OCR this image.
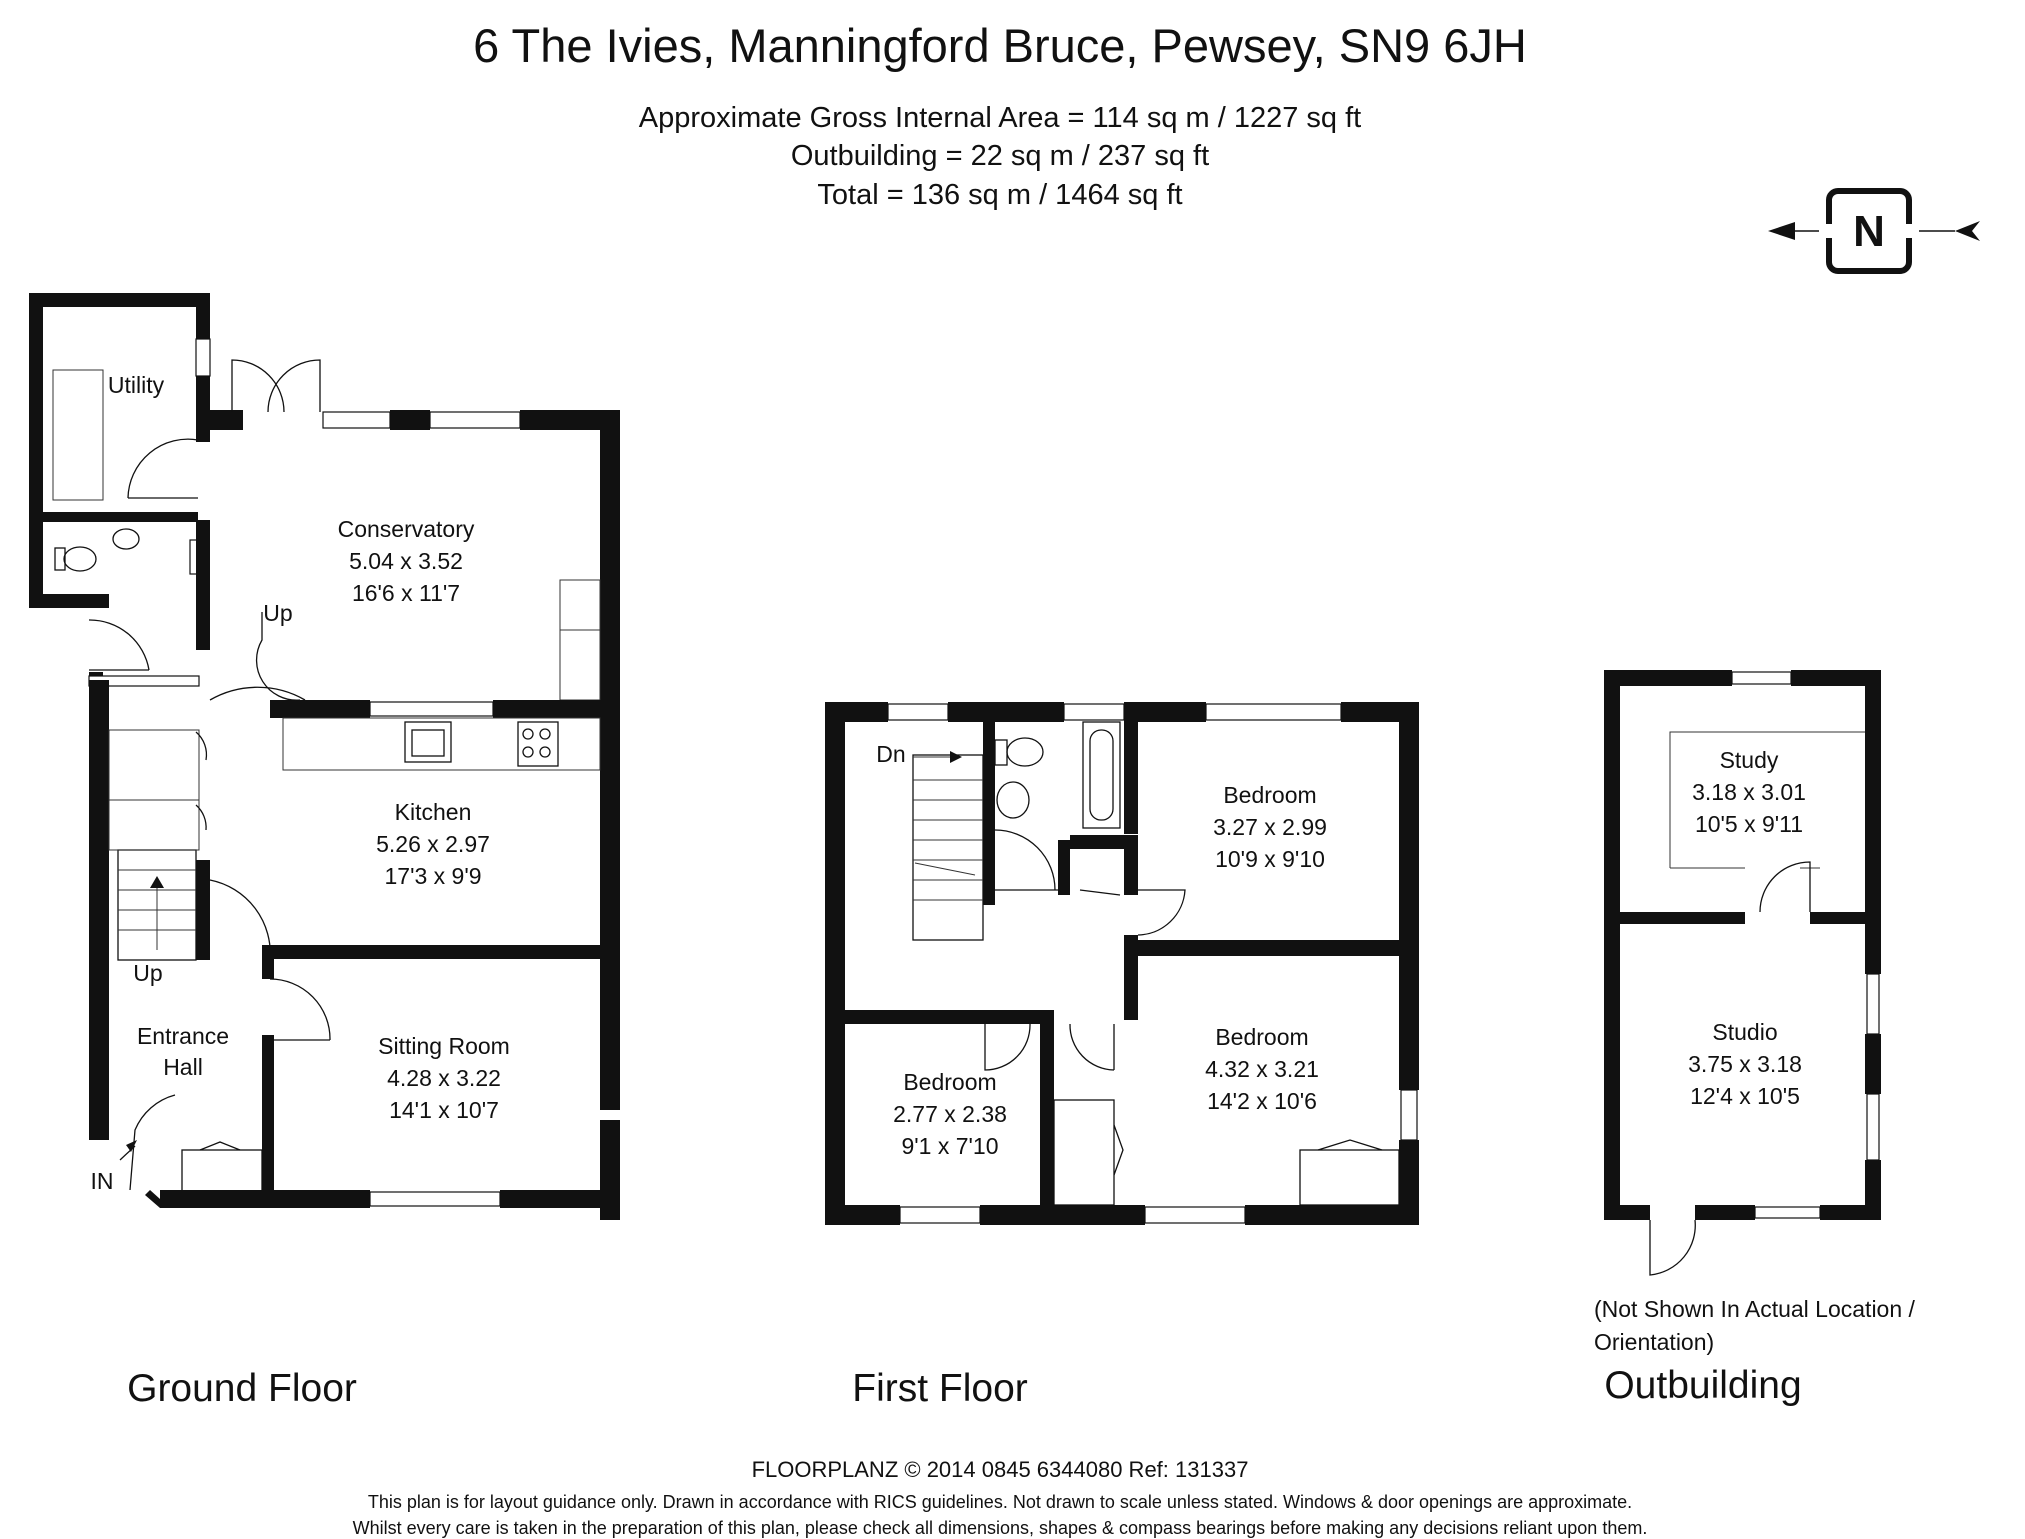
6 The Ivies, Manningford Bruce, Pewsey, SN9 6JH
Approximate Gross Internal Area = 114 sq m / 1227 sq ft
Outbuilding = 22 sq m / 237 sq ft
Total = 136 sq m / 1464 sq ft
N
Utility
Conservatory
5.04 x 3.52
16'6 x 11'7
Up
Kitchen
5.26 x 2.97
17'3 x 9'9
Up
Entrance
Hall
Sitting Room
4.28 x 3.22
14'1 x 10'7
IN
Ground Floor
Dn
Bedroom
3.27 x 2.99
10'9 x 9'10
Bedroom
4.32 x 3.21
14'2 x 10'6
Bedroom
2.77 x 2.38
9'1 x 7'10
First Floor
Study
3.18 x 3.01
10'5 x 9'11
Studio
3.75 x 3.18
12'4 x 10'5
(Not Shown In Actual Location /
Orientation)
Outbuilding
FLOORPLANZ © 2014 0845 6344080 Ref: 131337
This plan is for layout guidance only. Drawn in accordance with RICS guidelines. Not drawn to scale unless stated. Windows & door openings are approximate.
Whilst every care is taken in the preparation of this plan, please check all dimensions, shapes & compass bearings before making any decisions reliant upon them.
